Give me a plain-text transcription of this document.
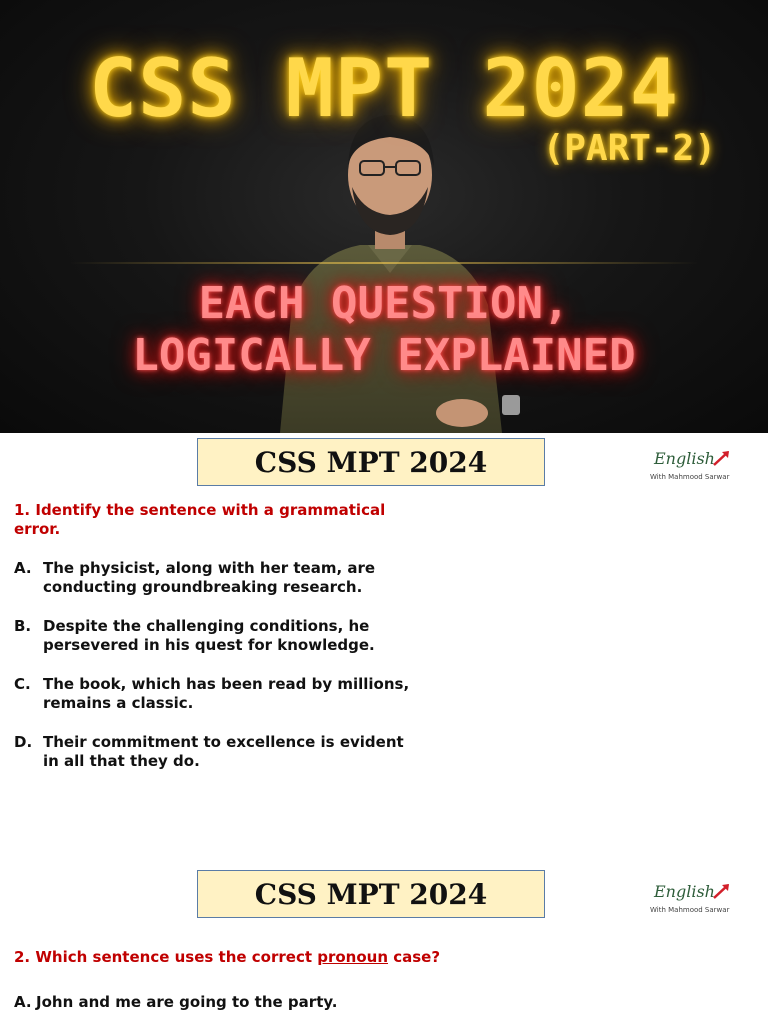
CSS MPT 2024
(PART-2)
EACH QUESTION,
LOGICALLY EXPLAINED
CSS MPT 2024	English
With Mahmood Sarwar
1. Identify the sentence with a grammatical error.
A. The physicist, along with her team, are conducting groundbreaking research.
B. Despite the challenging conditions, he persevered in his quest for knowledge.
C. The book, which has been read by millions, remains a classic.
D. Their commitment to excellence is evident in all that they do.
CSS MPT 2024	English
With Mahmood Sarwar
2. Which sentence uses the correct pronoun case?
A. John and me are going to the party.
